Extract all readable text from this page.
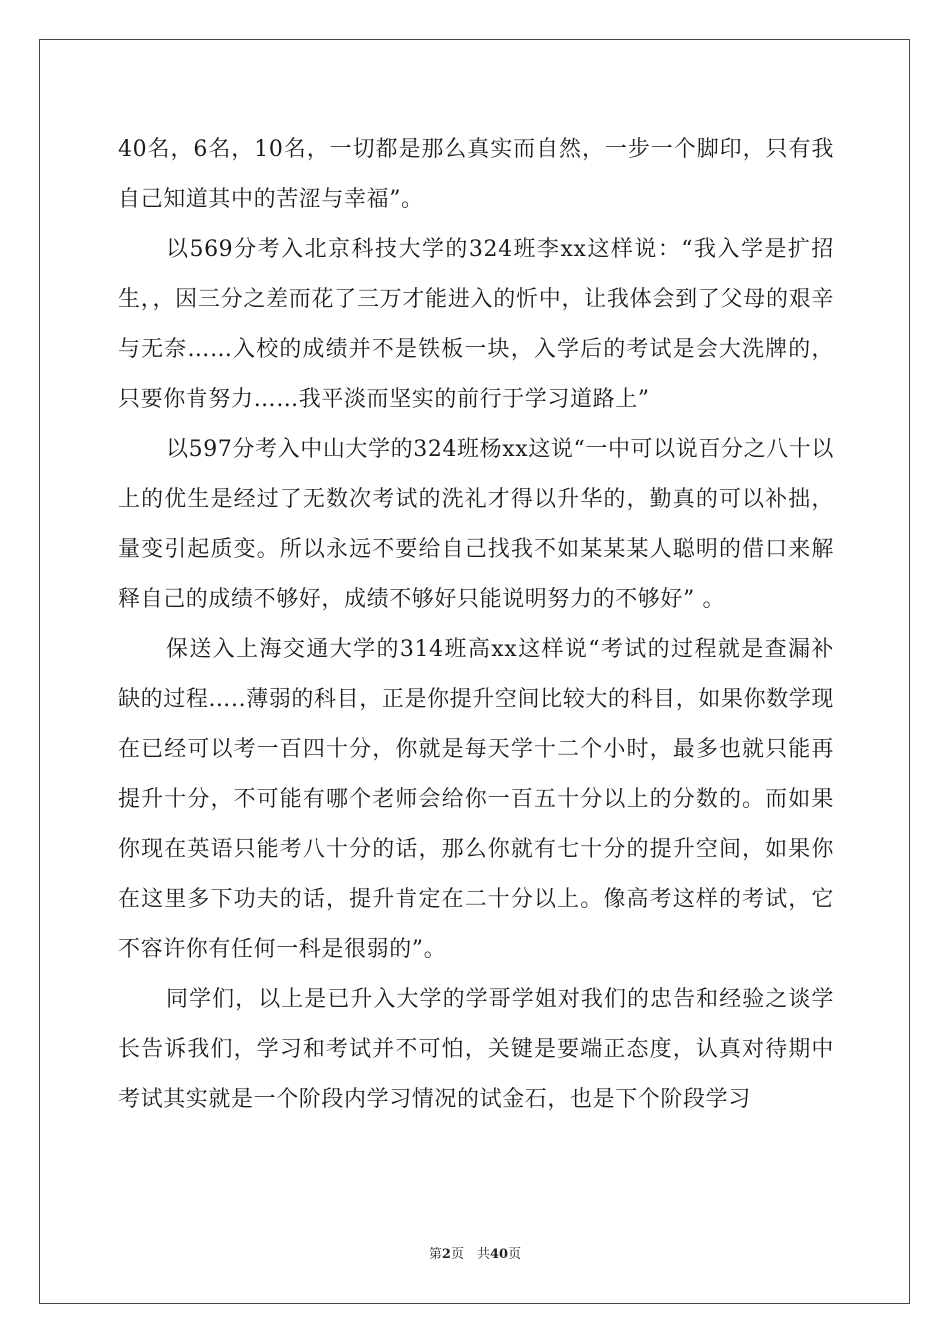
40名，6名，10名，一切都是那么真实而自然，一步一个脚印，只有我自己知道其中的苦涩与幸福”。

以569分考入北京科技大学的324班李xx这样说：“我入学是扩招生，，因三分之差而花了三万才能进入的忻中，让我体会到了父母的艰辛与无奈……入校的成绩并不是铁板一块，入学后的考试是会大洗牌的，只要你肯努力……我平淡而坚实的前行于学习道路上”

以597分考入中山大学的324班杨xx这说“一中可以说百分之八十以上的优生是经过了无数次考试的洗礼才得以升华的，勤真的可以补拙，量变引起质变。所以永远不要给自己找我不如某某某人聪明的借口来解释自己的成绩不够好，成绩不够好只能说明努力的不够好” 。

保送入上海交通大学的314班高xx这样说“考试的过程就是查漏补缺的过程…..薄弱的科目，正是你提升空间比较大的科目，如果你数学现在已经可以考一百四十分，你就是每天学十二个小时，最多也就只能再提升十分，不可能有哪个老师会给你一百五十分以上的分数的。而如果你现在英语只能考八十分的话，那么你就有七十分的提升空间，如果你在这里多下功夫的话，提升肯定在二十分以上。像高考这样的考试，它不容许你有任何一科是很弱的”。

同学们，以上是已升入大学的学哥学姐对我们的忠告和经验之谈学长告诉我们，学习和考试并不可怕，关键是要端正态度，认真对待期中考试其实就是一个阶段内学习情况的试金石，也是下个阶段学习

第2页　共40页
